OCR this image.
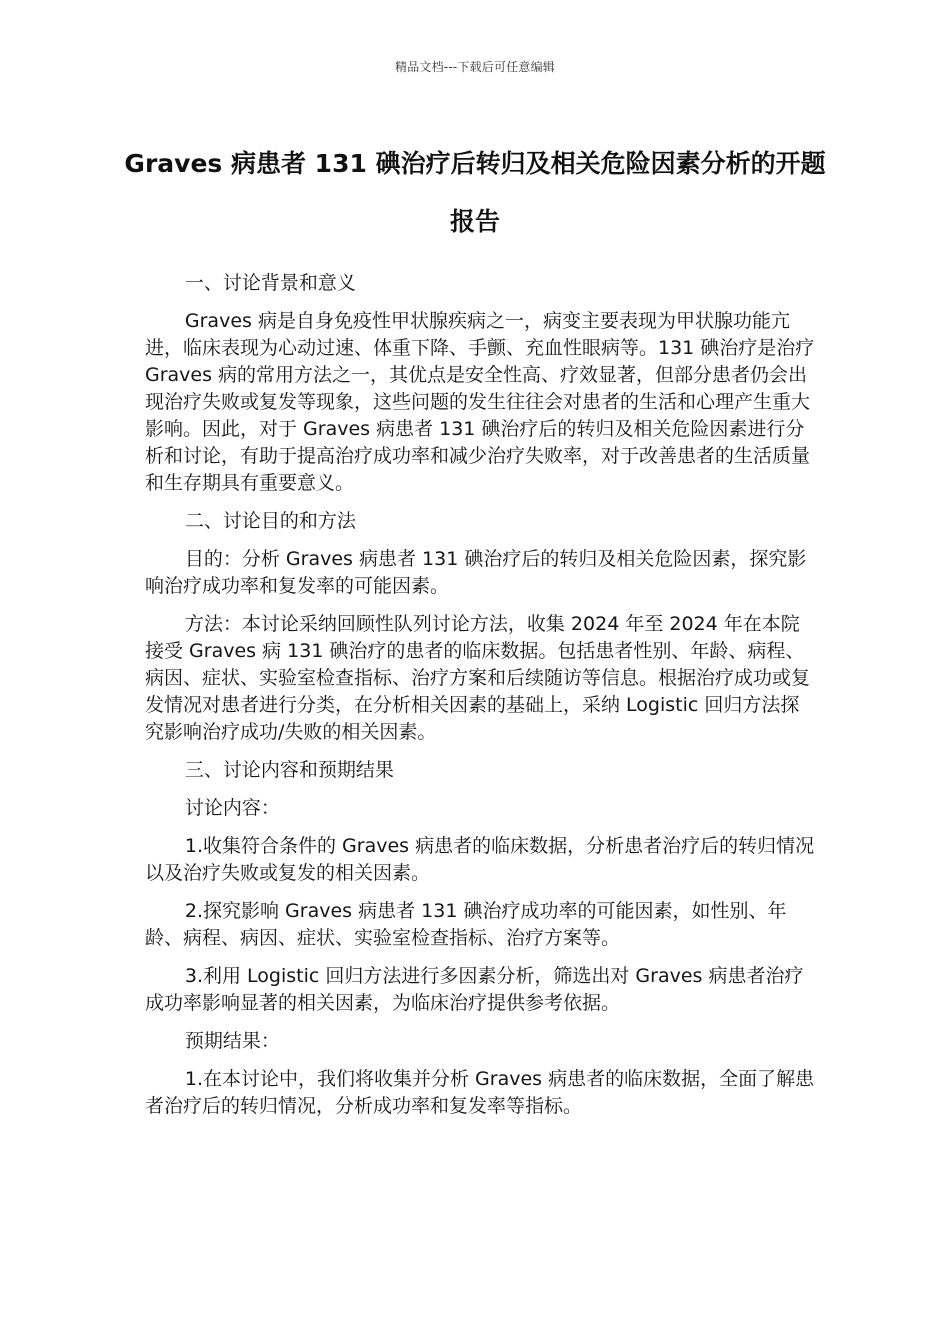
精品文档---下载后可任意编辑
Graves 病患者 131 碘治疗后转归及相关危险因素分析的开题报告

一、讨论背景和意义

Graves 病是自身免疫性甲状腺疾病之一，病变主要表现为甲状腺功能亢进，临床表现为心动过速、体重下降、手颤、充血性眼病等。131 碘治疗是治疗 Graves 病的常用方法之一，其优点是安全性高、疗效显著，但部分患者仍会出现治疗失败或复发等现象，这些问题的发生往往会对患者的生活和心理产生重大影响。因此，对于 Graves 病患者 131 碘治疗后的转归及相关危险因素进行分析和讨论，有助于提高治疗成功率和减少治疗失败率，对于改善患者的生活质量和生存期具有重要意义。

二、讨论目的和方法

目的：分析 Graves 病患者 131 碘治疗后的转归及相关危险因素，探究影响治疗成功率和复发率的可能因素。

方法：本讨论采纳回顾性队列讨论方法，收集 2024 年至 2024 年在本院接受 Graves 病 131 碘治疗的患者的临床数据。包括患者性别、年龄、病程、病因、症状、实验室检查指标、治疗方案和后续随访等信息。根据治疗成功或复发情况对患者进行分类，在分析相关因素的基础上，采纳 Logistic 回归方法探究影响治疗成功/失败的相关因素。

三、讨论内容和预期结果

讨论内容：

1.收集符合条件的 Graves 病患者的临床数据，分析患者治疗后的转归情况以及治疗失败或复发的相关因素。

2.探究影响 Graves 病患者 131 碘治疗成功率的可能因素，如性别、年龄、病程、病因、症状、实验室检查指标、治疗方案等。

3.利用 Logistic 回归方法进行多因素分析，筛选出对 Graves 病患者治疗成功率影响显著的相关因素，为临床治疗提供参考依据。

预期结果：

1.在本讨论中，我们将收集并分析 Graves 病患者的临床数据，全面了解患者治疗后的转归情况，分析成功率和复发率等指标。
